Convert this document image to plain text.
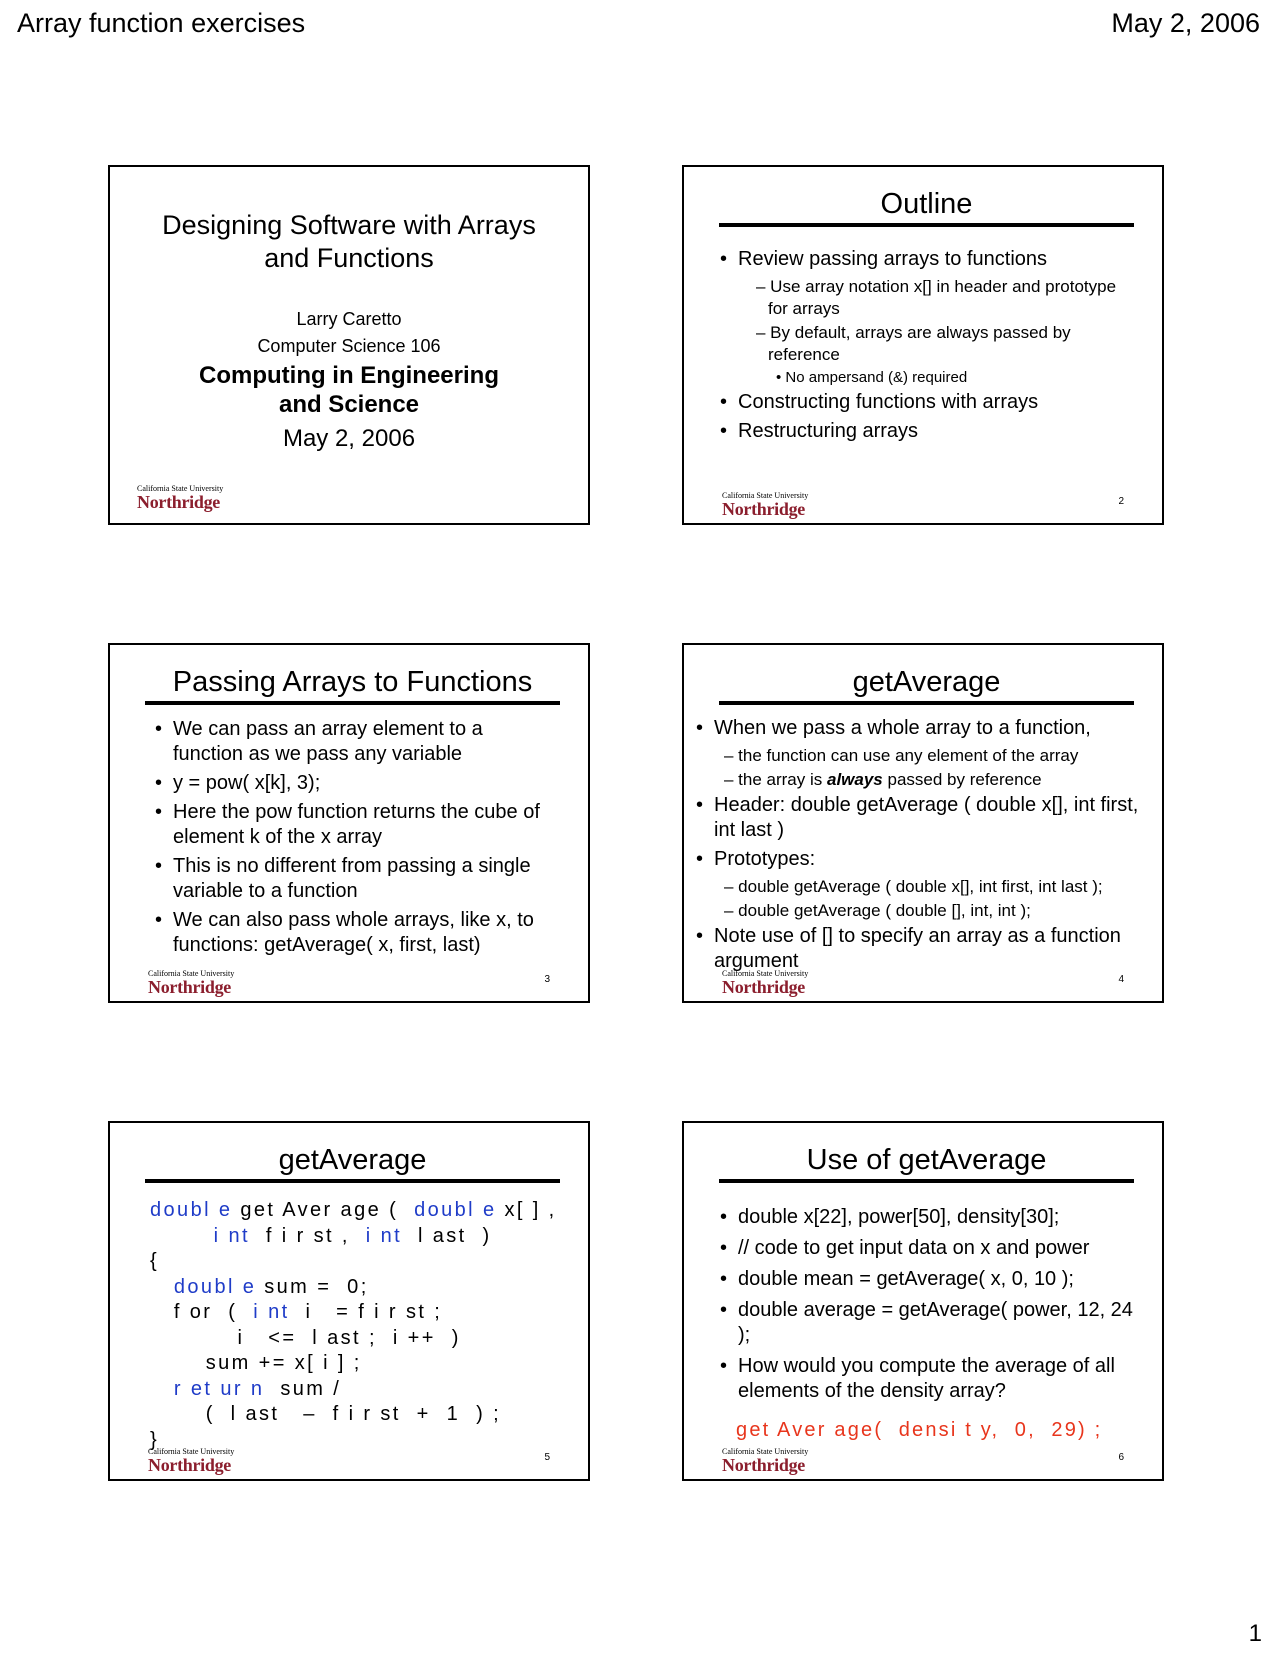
Array function exercises	May 2, 2006
Designing Software with Arrays
and Functions
Larry Caretto
Computer Science 106
Computing in Engineering
and Science
May 2, 2006
California State University
Northridge
Outline
• Review passing arrays to functions
– Use array notation x[] in header and prototype for arrays
– By default, arrays are always passed by reference
• No ampersand (&) required
• Constructing functions with arrays
• Restructuring arrays
California State University
Northridge	2
Passing Arrays to Functions
• We can pass an array element to a function as we pass any variable
• y = pow( x[k], 3);
• Here the pow function returns the cube of element k of the x array
• This is no different from passing a single variable to a function
• We can also pass whole arrays, like x, to functions: getAverage( x, first, last)
California State University
Northridge	3
getAverage
• When we pass a whole array to a function,
– the function can use any element of the array
– the array is always passed by reference
• Header: double getAverage ( double x[], int first, int last )
• Prototypes:
– double getAverage ( double x[], int first, int last );
– double getAverage ( double [], int, int );
• Note use of [] to specify an array as a function argument
California State University
Northridge	4
getAverage
doubl e get Aver age (  doubl e x[ ] ,
i nt  f i r st ,  i nt  l ast  )
{
doubl e sum =  0;
f or  (  i nt  i   = f i r st ;
i   <=  l ast ;  i ++  )
sum += x[ i ] ;
r et ur n  sum /
(  l ast   –  f i r st  +  1  ) ;
}
California State University
Northridge	5
Use of getAverage
• double x[22], power[50], density[30];
• // code to get input data on x and power
• double mean = getAverage( x, 0, 10 );
• double average = getAverage( power, 12, 24 );
• How would you compute the average of all elements of the density array?
get Aver age(  densi t y,  0,  29) ;
California State University
Northridge	6
1
